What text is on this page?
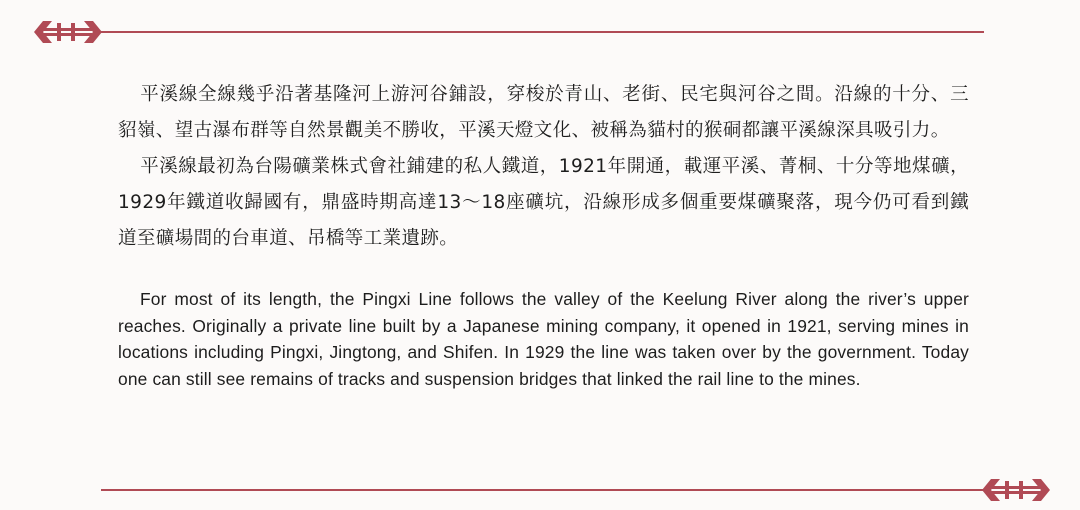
平溪線全線幾乎沿著基隆河上游河谷鋪設，穿梭於青山、老街、民宅與河谷之間。沿線的十分、三貂嶺、望古瀑布群等自然景觀美不勝收，平溪天燈文化、被稱為貓村的猴硐都讓平溪線深具吸引力。

平溪線最初為台陽礦業株式會社鋪建的私人鐵道，1921年開通，載運平溪、菁桐、十分等地煤礦，1929年鐵道收歸國有，鼎盛時期高達13～18座礦坑，沿線形成多個重要煤礦聚落，現今仍可看到鐵道至礦場間的台車道、吊橋等工業遺跡。

For most of its length, the Pingxi Line follows the valley of the Keelung River along the river’s upper reaches. Originally a private line built by a Japanese mining company, it opened in 1921, serving mines in locations including Pingxi, Jingtong, and Shifen. In 1929 the line was taken over by the government. Today one can still see remains of tracks and suspension bridges that linked the rail line to the mines.
